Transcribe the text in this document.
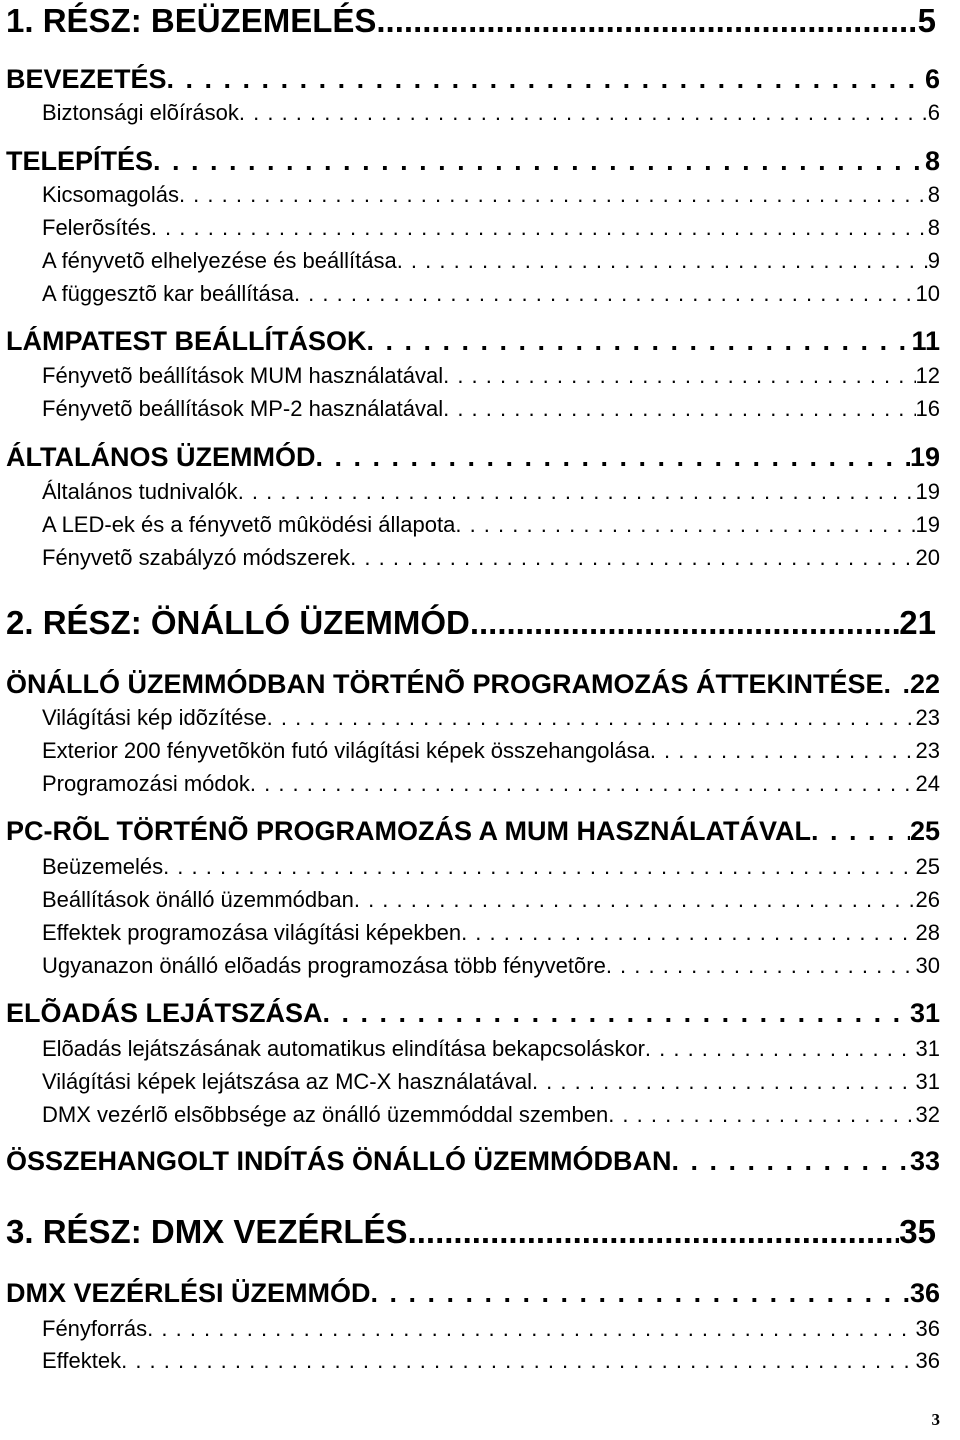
1. RÉSZ: BEÜZEMELÉS .....	5
BEVEZETÉS . . .	6
Biztonsági elõírások . . .	6
TELEPÍTÉS . . .	8
Kicsomagolás . . .	8
Felerõsítés . . .	8
A fényvetõ elhelyezése és beállítása . . .	9
A függesztõ kar beállítása . . .	10
LÁMPATEST BEÁLLÍTÁSOK . . .	11
Fényvetõ beállítások MUM használatával . . .	12
Fényvetõ beállítások MP-2 használatával . . .	16
ÁLTALÁNOS ÜZEMMÓD . . .	19
Általános tudnivalók . . .	19
A LED-ek és a fényvetõ mûködési állapota . . .	19
Fényvetõ szabályzó módszerek . . .	20
2. RÉSZ: ÖNÁLLÓ ÜZEMMÓD .....	21
ÖNÁLLÓ ÜZEMMÓDBAN TÖRTÉNÕ PROGRAMOZÁS ÁTTEKINTÉSE . . . 22
Világítási kép idõzítése . . .	23
Exterior 200 fényvetõkön futó világítási képek összehangolása . . .	23
Programozási módok . . .	24
PC-RÕL TÖRTÉNÕ PROGRAMOZÁS A MUM HASZNÁLATÁVAL . . .	25
Beüzemelés . . .	25
Beállítások önálló üzemmódban . . .	26
Effektek programozása világítási képekben . . .	28
Ugyanazon önálló elõadás programozása több fényvetõre . . .	30
ELÕADÁS LEJÁTSZÁSA . . .	31
Elõadás lejátszásának automatikus elindítása bekapcsoláskor . . .	31
Világítási képek lejátszása az MC-X használatával . . .	31
DMX vezérlõ elsõbbsége az önálló üzemmóddal szemben . . .	32
ÖSSZEHANGOLT INDÍTÁS ÖNÁLLÓ ÜZEMMÓDBAN . . .	33
3. RÉSZ: DMX VEZÉRLÉS .....	35
DMX VEZÉRLÉSI ÜZEMMÓD . . .	36
Fényforrás . . .	36
Effektek . . .	36
3
